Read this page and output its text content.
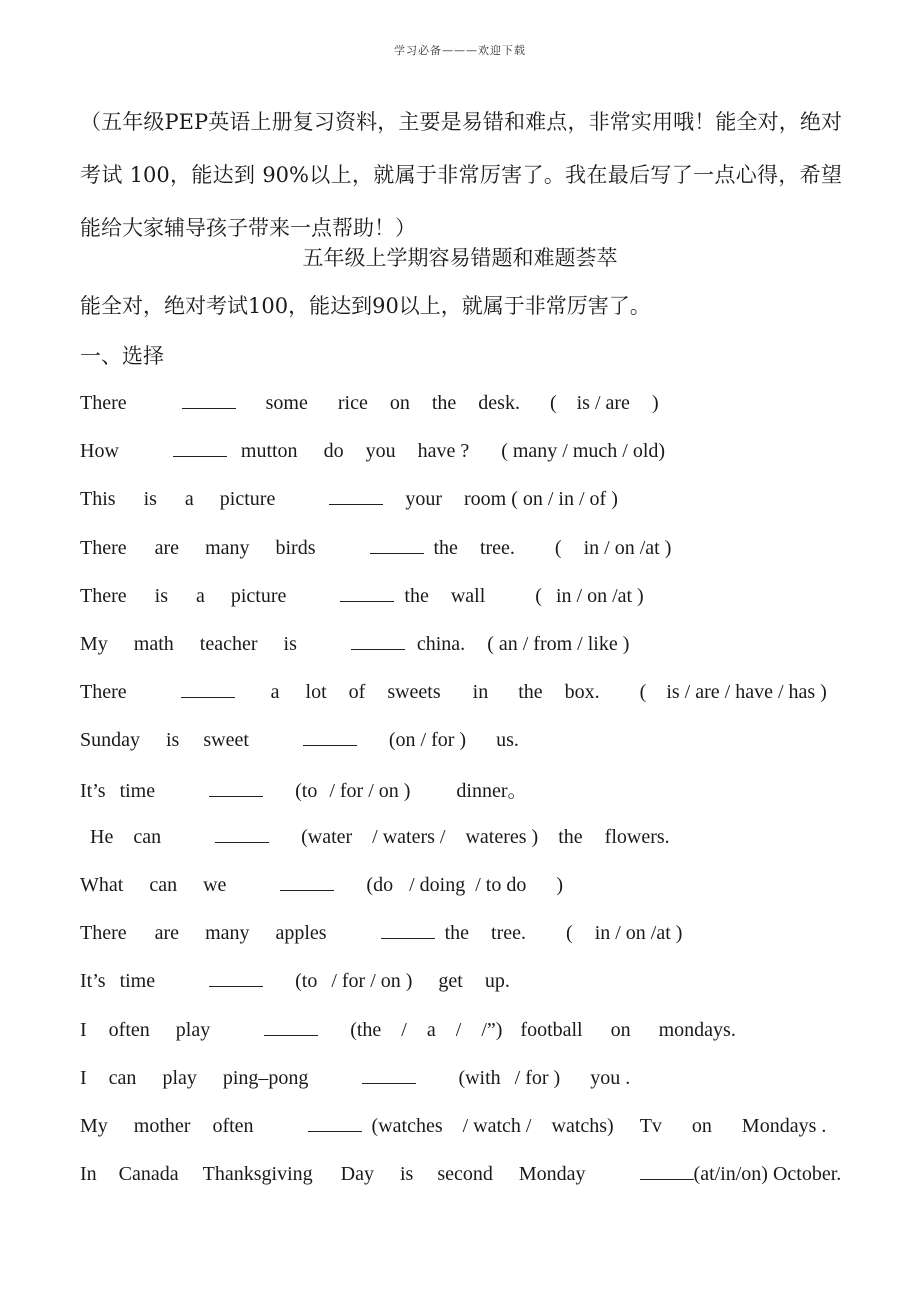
学习必备———欢迎下载
（五年级PEP英语上册复习资料，主要是易错和难点，非常实用哦！能全对，绝对考试 100，能达到 90%以上，就属于非常厉害了。我在最后写了一点心得，希望能给大家辅导孩子带来一点帮助！）
五年级上学期容易错题和难题荟萃
能全对，绝对考试100，能达到90以上，就属于非常厉害了。
一、选择
There	some rice on the desk. ( is / are )
How	mutton do you have ? ( many / much / old)
This is a picture	your room ( on / in / of )
There are many birds	the tree. ( in / on /at )
There is a picture	the wall	( in / on /at )
My math teacher is	china. ( an / from / like )
There	a lot of sweets in the box. ( is / are / have / has )
Sunday is sweet	(on / for ) us.
It’s time	(to / for / on ) dinner。
He can	(water / waters / wateres ) the flowers.
What can we	(do / doing / to do )
There are many apples	the tree. ( in / on /at )
It’s time	(to / for / on ) get up.
I often play	(the / a / /”) football on mondays.
I can play ping–pong	(with / for ) you .
My mother often	(watches / watch / watchs) Tv on Mondays .
In Canada Thanksgiving Day is second Monday	(at/in/on) October.
